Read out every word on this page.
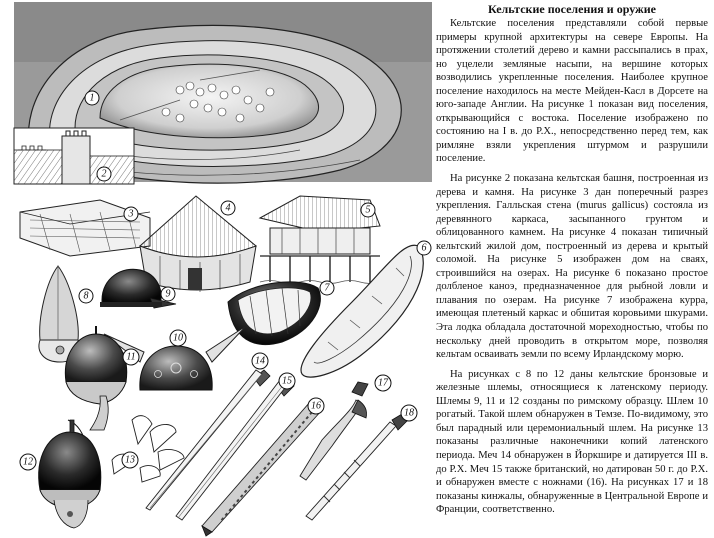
1
2
3
4	5
6
7
8	9
10
11
12	13
14
15
16
17
18
Кельтские поселения и оружие

Кельтские поселения представляли собой первые примеры крупной архитектуры на севере Европы. На протяжении столетий дерево и камни рассыпались в прах, но уцелели земляные насыпи, на вершине которых возводились укрепленные поселения. Наиболее крупное поселение находилось на месте Мейден-Касл в Дорсете на юго-западе Англии. На рисунке 1 показан вид поселения, открывающийся с востока. Поселение изображено по состоянию на I в. до Р.Х., непосредственно перед тем, как римляне взяли укрепления штурмом и разрушили поселение.

На рисунке 2 показана кельтская башня, построенная из дерева и камня. На рисунке 3 дан поперечный разрез укрепления. Галльская стена (murus gallicus) состояла из деревянного каркаса, засыпанного грунтом и облицованного камнем. На рисунке 4 показан типичный кельтский жилой дом, построенный из дерева и крытый соломой. На рисунке 5 изображен дом на сваях, строившийся на озерах. На рисунке 6 показано простое долбленое каноэ, предназначенное для рыбной ловли и плавания по озерам. На рисунке 7 изображена курра, имеющая плетеный каркас и обшитая коровьими шкурами. Эта лодка обладала достаточной мореходностью, чтобы по нескольку дней проводить в открытом море, позволяя кельтам осваивать земли по всему Ирландскому морю.

На рисунках с 8 по 12 даны кельтские бронзовые и железные шлемы, относящиеся к латенскому периоду. Шлемы 9, 11 и 12 созданы по римскому образцу. Шлем 10 рогатый. Такой шлем обнаружен в Темзе. По-видимому, это был парадный или церемониальный шлем. На рисунке 13 показаны различные наконечники копий латенского периода. Меч 14 обнаружен в Йоркшире и датируется III в. до Р.Х. Меч 15 также британский, но датирован 50 г. до Р.Х. и обнаружен вместе с ножнами (16). На рисунках 17 и 18 показаны кинжалы, обнаруженные в Центральной Европе и Франции, соответственно.
